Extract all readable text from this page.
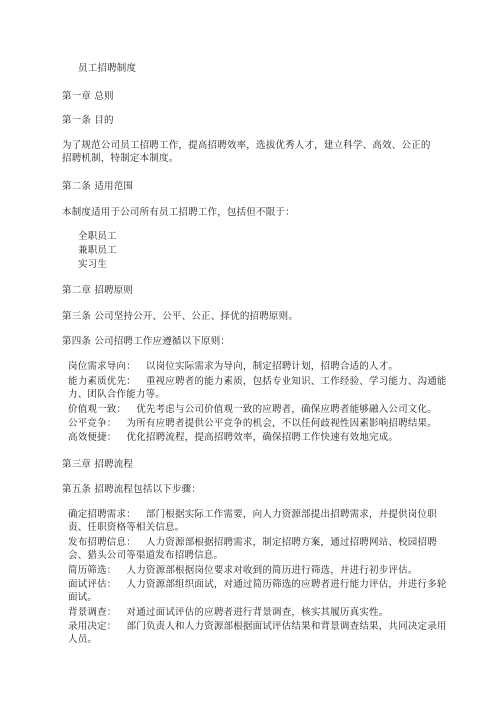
员工招聘制度
第一章 总则
第一条 目的
为了规范公司员工招聘工作，提高招聘效率，选拔优秀人才，建立科学、高效、公正的招聘机制，特制定本制度。
第二条 适用范围
本制度适用于公司所有员工招聘工作，包括但不限于：
全职员工
兼职员工
实习生
第二章 招聘原则
第三条 公司坚持公开、公平、公正、择优的招聘原则。
第四条 公司招聘工作应遵循以下原则：
岗位需求导向： 以岗位实际需求为导向，制定招聘计划，招聘合适的人才。
能力素质优先： 重视应聘者的能力素质，包括专业知识、工作经验、学习能力、沟通能力、团队合作能力等。
价值观一致： 优先考虑与公司价值观一致的应聘者，确保应聘者能够融入公司文化。
公平竞争： 为所有应聘者提供公平竞争的机会，不以任何歧视性因素影响招聘结果。
高效便捷： 优化招聘流程，提高招聘效率，确保招聘工作快速有效地完成。
第三章 招聘流程
第五条 招聘流程包括以下步骤：
确定招聘需求： 部门根据实际工作需要，向人力资源部提出招聘需求，并提供岗位职责、任职资格等相关信息。
发布招聘信息： 人力资源部根据招聘需求，制定招聘方案，通过招聘网站、校园招聘会、猎头公司等渠道发布招聘信息。
简历筛选： 人力资源部根据岗位要求对收到的简历进行筛选，并进行初步评估。
面试评估： 人力资源部组织面试，对通过简历筛选的应聘者进行能力评估，并进行多轮面试。
背景调查： 对通过面试评估的应聘者进行背景调查，核实其履历真实性。
录用决定： 部门负责人和人力资源部根据面试评估结果和背景调查结果，共同决定录用人员。
